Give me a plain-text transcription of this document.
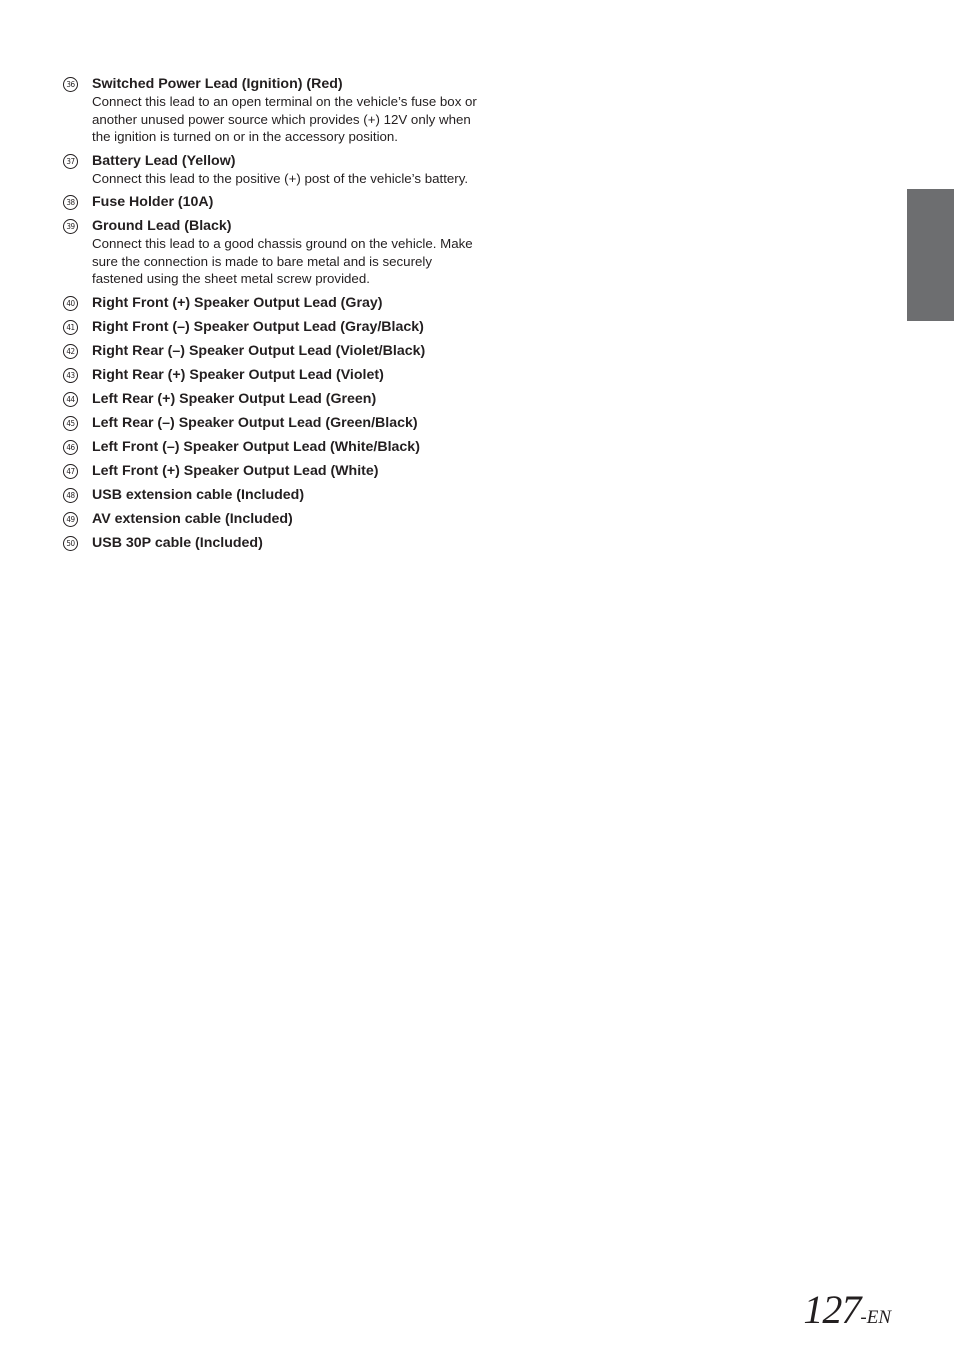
36 Switched Power Lead (Ignition) (Red)
Connect this lead to an open terminal on the vehicle’s fuse box or another unused power source which provides (+) 12V only when the ignition is turned on or in the accessory position.
37 Battery Lead (Yellow)
Connect this lead to the positive (+) post of the vehicle’s battery.
38 Fuse Holder (10A)
39 Ground Lead (Black)
Connect this lead to a good chassis ground on the vehicle. Make sure the connection is made to bare metal and is securely fastened using the sheet metal screw provided.
40 Right Front (+) Speaker Output Lead (Gray)
41 Right Front (–) Speaker Output Lead (Gray/Black)
42 Right Rear (–) Speaker Output Lead (Violet/Black)
43 Right Rear (+) Speaker Output Lead (Violet)
44 Left Rear (+) Speaker Output Lead (Green)
45 Left Rear (–) Speaker Output Lead (Green/Black)
46 Left Front (–) Speaker Output Lead (White/Black)
47 Left Front (+) Speaker Output Lead (White)
48 USB extension cable (Included)
49 AV extension cable (Included)
50 USB 30P cable (Included)
127-EN
